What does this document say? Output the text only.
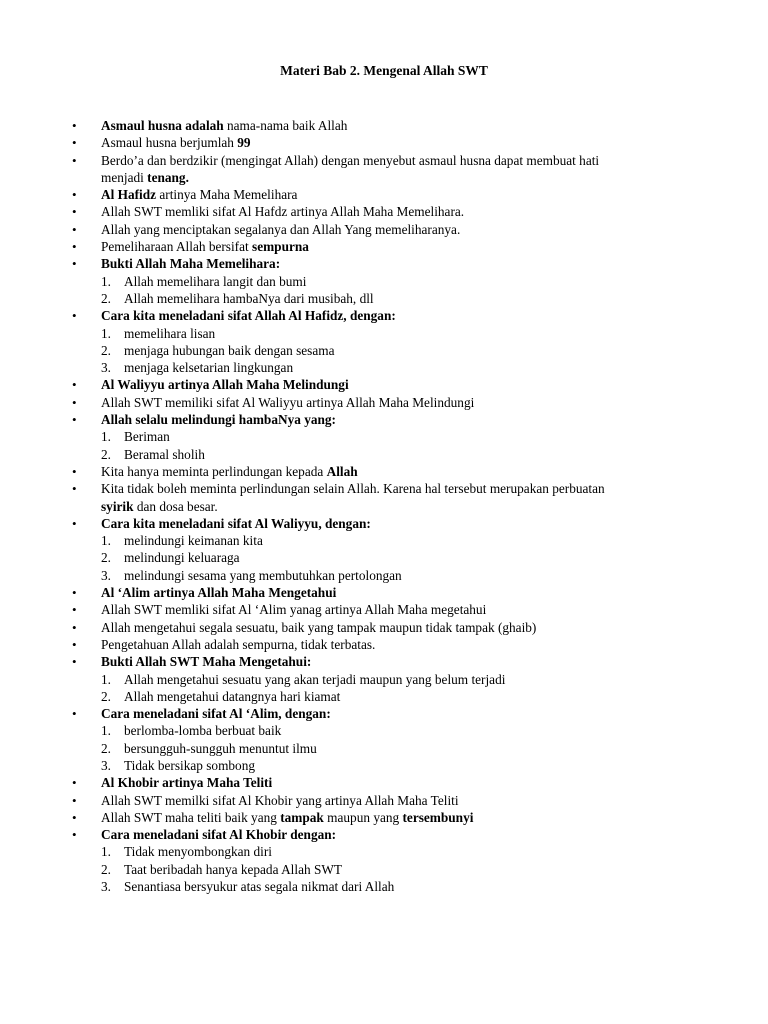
Materi Bab 2. Mengenal Allah SWT
• Asmaul husna adalah nama-nama baik Allah
• Asmaul husna berjumlah 99
• Berdo’a dan berdzikir (mengingat Allah) dengan menyebut asmaul husna dapat membuat hati
menjadi tenang.
• Al Hafidz artinya Maha Memelihara
• Allah SWT memliki sifat Al Hafdz artinya Allah Maha Memelihara.
• Allah yang menciptakan segalanya dan Allah Yang memeliharanya.
• Pemeliharaan Allah bersifat sempurna
• Bukti Allah Maha Memelihara:
1. Allah memelihara langit dan bumi
2. Allah memelihara hambaNya dari musibah, dll
• Cara kita meneladani sifat Allah Al Hafidz, dengan:
1. memelihara lisan
2. menjaga hubungan baik dengan sesama
3. menjaga kelsetarian lingkungan
• Al Waliyyu artinya Allah Maha Melindungi
• Allah SWT memiliki sifat Al Waliyyu artinya Allah Maha Melindungi
• Allah selalu melindungi hambaNya yang:
1. Beriman
2. Beramal sholih
• Kita hanya meminta perlindungan kepada Allah
• Kita tidak boleh meminta perlindungan selain Allah. Karena hal tersebut merupakan perbuatan
syirik dan dosa besar.
• Cara kita meneladani sifat Al Waliyyu, dengan:
1. melindungi keimanan kita
2. melindungi keluaraga
3. melindungi sesama yang membutuhkan pertolongan
• Al ‘Alim artinya Allah Maha Mengetahui
• Allah SWT memliki sifat Al ‘Alim yanag artinya Allah Maha megetahui
• Allah mengetahui segala sesuatu, baik yang tampak maupun tidak tampak (ghaib)
• Pengetahuan Allah adalah sempurna, tidak terbatas.
• Bukti Allah SWT Maha Mengetahui:
1. Allah mengetahui sesuatu yang akan terjadi maupun yang belum terjadi
2. Allah mengetahui datangnya hari kiamat
• Cara meneladani sifat Al ‘Alim, dengan:
1. berlomba-lomba berbuat baik
2. bersungguh-sungguh menuntut ilmu
3. Tidak bersikap sombong
• Al Khobir artinya Maha Teliti
• Allah SWT memilki sifat Al Khobir yang artinya Allah Maha Teliti
• Allah SWT maha teliti baik yang tampak maupun yang tersembunyi
• Cara meneladani sifat Al Khobir dengan:
1. Tidak menyombongkan diri
2. Taat beribadah hanya kepada Allah SWT
3. Senantiasa bersyukur atas segala nikmat dari Allah
